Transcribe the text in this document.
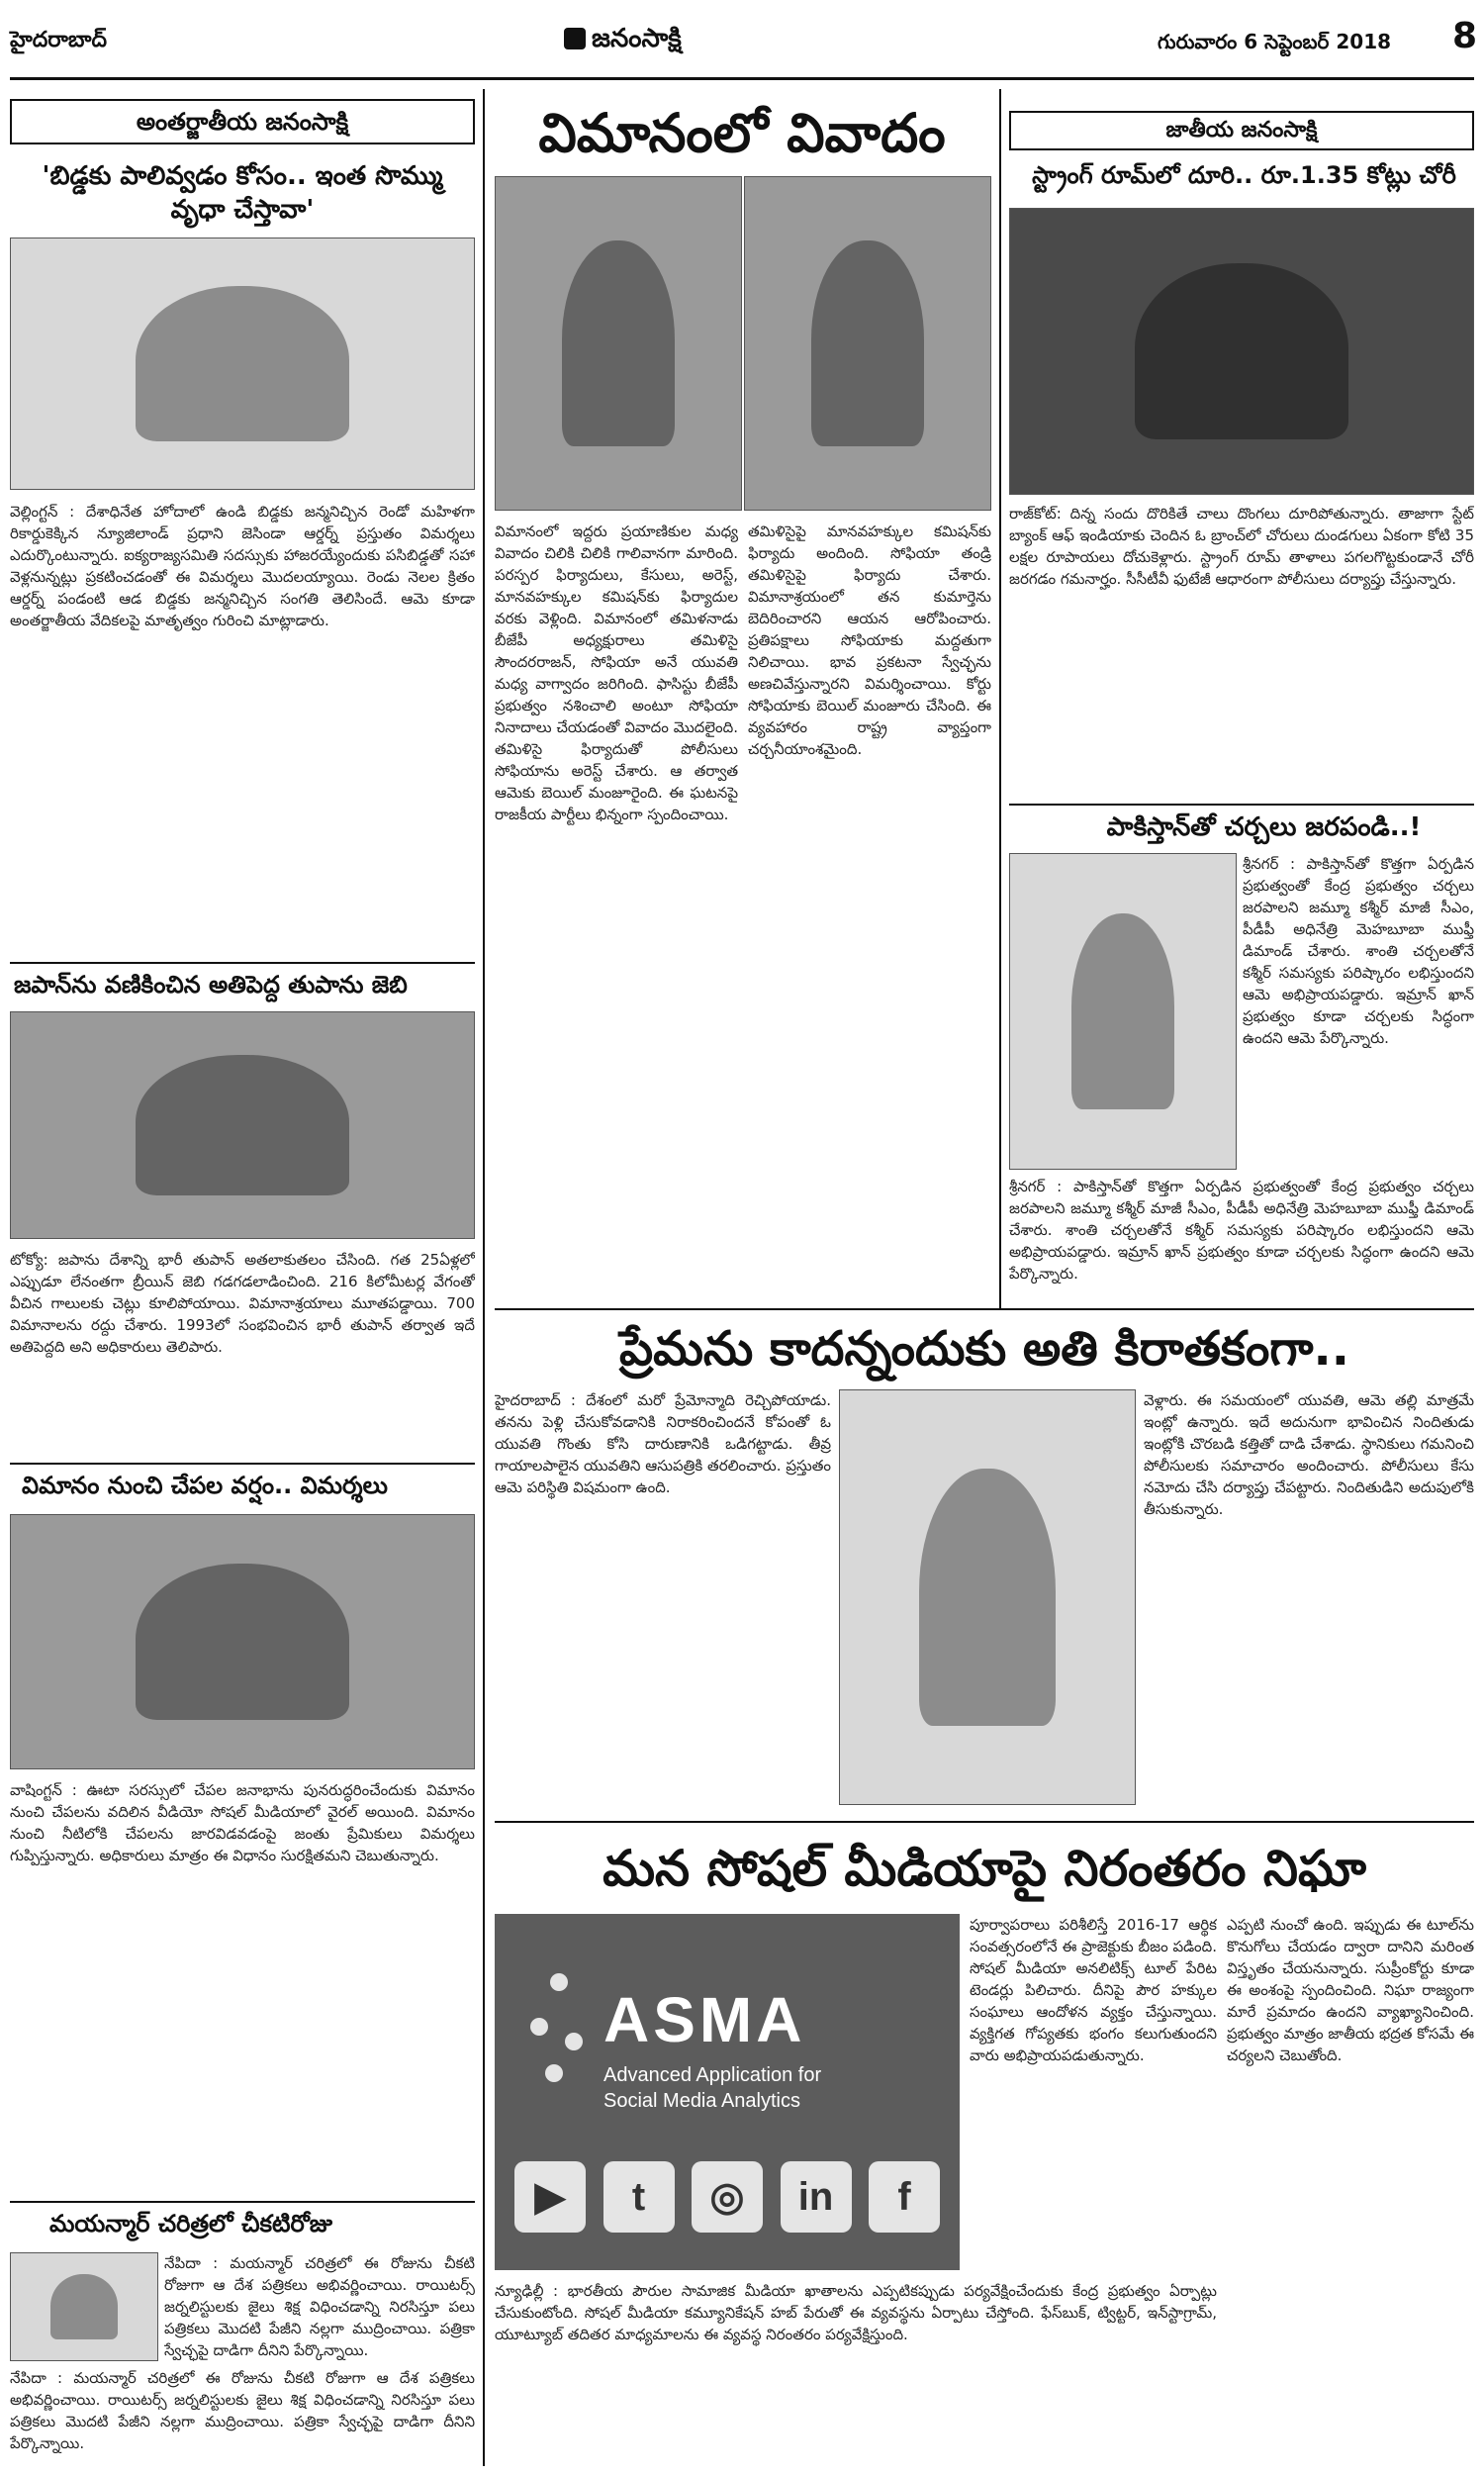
హైదరాబాద్	జనంసాక్షి	గురువారం 6 సెప్టెంబర్ 2018 8
అంతర్జాతీయ జనంసాక్షి
'బిడ్డకు పాలివ్వడం కోసం.. ఇంత సొమ్ము వృధా చేస్తావా'
వెల్లింగ్టన్ : దేశాధినేత హోదాలో ఉండి బిడ్డకు జన్మనిచ్చిన రెండో మహిళగా రికార్డుకెక్కిన న్యూజిలాండ్ ప్రధాని జెసిండా ఆర్డర్న్ ప్రస్తుతం విమర్శలు ఎదుర్కొంటున్నారు. ఐక్యరాజ్యసమితి సదస్సుకు హాజరయ్యేందుకు పసిబిడ్డతో సహా వెళ్లనున్నట్లు ప్రకటించడంతో ఈ విమర్శలు మొదలయ్యాయి. రెండు నెలల క్రితం ఆర్డర్న్ పండంటి ఆడ బిడ్డకు జన్మనిచ్చిన సంగతి తెలిసిందే. ఆమె కూడా అంతర్జాతీయ వేదికలపై మాతృత్వం గురించి మాట్లాడారు.
జపాన్‌ను వణికించిన అతిపెద్ద తుపాను జెబి
టోక్యో: జపాను దేశాన్ని భారీ తుపాన్ అతలాకుతలం చేసింది. గత 25ఏళ్లలో ఎప్పుడూ లేనంతగా బ్రీయిన్ జెబి గడగడలాడించింది. 216 కిలోమీటర్ల వేగంతో వీచిన గాలులకు చెట్లు కూలిపోయాయి. విమానాశ్రయాలు మూతపడ్డాయి. 700 విమానాలను రద్దు చేశారు. 1993లో సంభవించిన భారీ తుపాన్ తర్వాత ఇదే అతిపెద్దది అని అధికారులు తెలిపారు.
విమానం నుంచి చేపల వర్షం.. విమర్శలు
వాషింగ్టన్ : ఊటా సరస్సులో చేపల జనాభాను పునరుద్ధరించేందుకు విమానం నుంచి చేపలను వదిలిన వీడియో సోషల్ మీడియాలో వైరల్ అయింది. విమానం నుంచి నీటిలోకి చేపలను జారవిడవడంపై జంతు ప్రేమికులు విమర్శలు గుప్పిస్తున్నారు. అధికారులు మాత్రం ఈ విధానం సురక్షితమని చెబుతున్నారు.
మయన్మార్ చరిత్రలో చీకటిరోజు
నేపిదా : మయన్మార్ చరిత్రలో ఈ రోజును చీకటి రోజుగా ఆ దేశ పత్రికలు అభివర్ణించాయి. రాయిటర్స్ జర్నలిస్టులకు జైలు శిక్ష విధించడాన్ని నిరసిస్తూ పలు పత్రికలు మొదటి పేజీని నల్లగా ముద్రించాయి. పత్రికా స్వేచ్ఛపై దాడిగా దీనిని పేర్కొన్నాయి.
నేపిదా : మయన్మార్ చరిత్రలో ఈ రోజును చీకటి రోజుగా ఆ దేశ పత్రికలు అభివర్ణించాయి. రాయిటర్స్ జర్నలిస్టులకు జైలు శిక్ష విధించడాన్ని నిరసిస్తూ పలు పత్రికలు మొదటి పేజీని నల్లగా ముద్రించాయి. పత్రికా స్వేచ్ఛపై దాడిగా దీనిని పేర్కొన్నాయి.
విమానంలో వివాదం
విమానంలో ఇద్దరు ప్రయాణికుల మధ్య వివాదం చిలికి చిలికి గాలివానగా మారింది. పరస్పర ఫిర్యాదులు, కేసులు, అరెస్ట్, మానవహక్కుల కమిషన్‌కు ఫిర్యాదుల వరకు వెళ్లింది. విమానంలో తమిళనాడు బీజేపీ అధ్యక్షురాలు తమిళిసై సౌందరరాజన్, సోఫియా అనే యువతి మధ్య వాగ్వాదం జరిగింది. ఫాసిస్టు బీజేపీ ప్రభుత్వం నశించాలి అంటూ సోఫియా నినాదాలు చేయడంతో వివాదం మొదలైంది. తమిళిసై ఫిర్యాదుతో పోలీసులు సోఫియాను అరెస్ట్ చేశారు. ఆ తర్వాత ఆమెకు బెయిల్ మంజూరైంది. ఈ ఘటనపై రాజకీయ పార్టీలు భిన్నంగా స్పందించాయి.
తమిళిసైపై మానవహక్కుల కమిషన్‌కు ఫిర్యాదు అందింది. సోఫియా తండ్రి తమిళిసైపై ఫిర్యాదు చేశారు. విమానాశ్రయంలో తన కుమార్తెను బెదిరించారని ఆయన ఆరోపించారు. ప్రతిపక్షాలు సోఫియాకు మద్దతుగా నిలిచాయి. భావ ప్రకటనా స్వేచ్ఛను అణచివేస్తున్నారని విమర్శించాయి. కోర్టు సోఫియాకు బెయిల్ మంజూరు చేసింది. ఈ వ్యవహారం రాష్ట్ర వ్యాప్తంగా చర్చనీయాంశమైంది.
జాతీయ జనంసాక్షి
స్ట్రాంగ్ రూమ్‌లో దూరి.. రూ.1.35 కోట్లు చోరీ
రాజ్‌కోట్: దిన్న సందు దొరికితే చాలు దొంగలు దూరిపోతున్నారు. తాజాగా స్టేట్ బ్యాంక్ ఆఫ్ ఇండియాకు చెందిన ఓ బ్రాంచ్‌లో చోరులు దుండగులు ఏకంగా కోటి 35 లక్షల రూపాయలు దోచుకెళ్లారు. స్ట్రాంగ్ రూమ్ తాళాలు పగలగొట్టకుండానే చోరీ జరగడం గమనార్హం. సీసీటీవీ ఫుటేజీ ఆధారంగా పోలీసులు దర్యాప్తు చేస్తున్నారు.
పాకిస్తాన్‌తో చర్చలు జరపండి..!
శ్రీనగర్ : పాకిస్తాన్‌తో కొత్తగా ఏర్పడిన ప్రభుత్వంతో కేంద్ర ప్రభుత్వం చర్చలు జరపాలని జమ్మూ కశ్మీర్ మాజీ సీఎం, పీడీపీ అధినేత్రి మెహబూబా ముఫ్తీ డిమాండ్ చేశారు. శాంతి చర్చలతోనే కశ్మీర్ సమస్యకు పరిష్కారం లభిస్తుందని ఆమె అభిప్రాయపడ్డారు. ఇమ్రాన్ ఖాన్ ప్రభుత్వం కూడా చర్చలకు సిద్ధంగా ఉందని ఆమె పేర్కొన్నారు.
శ్రీనగర్ : పాకిస్తాన్‌తో కొత్తగా ఏర్పడిన ప్రభుత్వంతో కేంద్ర ప్రభుత్వం చర్చలు జరపాలని జమ్మూ కశ్మీర్ మాజీ సీఎం, పీడీపీ అధినేత్రి మెహబూబా ముఫ్తీ డిమాండ్ చేశారు. శాంతి చర్చలతోనే కశ్మీర్ సమస్యకు పరిష్కారం లభిస్తుందని ఆమె అభిప్రాయపడ్డారు. ఇమ్రాన్ ఖాన్ ప్రభుత్వం కూడా చర్చలకు సిద్ధంగా ఉందని ఆమె పేర్కొన్నారు.
ప్రేమను కాదన్నందుకు అతి కిరాతకంగా..
హైదరాబాద్ : దేశంలో మరో ప్రేమోన్మాది రెచ్చిపోయాడు. తనను పెళ్లి చేసుకోవడానికి నిరాకరించిందనే కోపంతో ఓ యువతి గొంతు కోసి దారుణానికి ఒడిగట్టాడు. తీవ్ర గాయాలపాలైన యువతిని ఆసుపత్రికి తరలించారు. ప్రస్తుతం ఆమె పరిస్థితి విషమంగా ఉంది.
వెళ్లారు. ఈ సమయంలో యువతి, ఆమె తల్లి మాత్రమే ఇంట్లో ఉన్నారు. ఇదే అదునుగా భావించిన నిందితుడు ఇంట్లోకి చొరబడి కత్తితో దాడి చేశాడు. స్థానికులు గమనించి పోలీసులకు సమాచారం అందించారు. పోలీసులు కేసు నమోదు చేసి దర్యాప్తు చేపట్టారు. నిందితుడిని అదుపులోకి తీసుకున్నారు.
మన సోషల్ మీడియాపై నిరంతరం నిఘా
ASMA
Advanced Application for
Social Media Analytics
▶	t	◎	in	f
పూర్వాపరాలు పరిశీలిస్తే 2016-17 ఆర్థిక సంవత్సరంలోనే ఈ ప్రాజెక్టుకు బీజం పడింది. సోషల్ మీడియా అనలిటిక్స్ టూల్ పేరిట టెండర్లు పిలిచారు. దీనిపై పౌర హక్కుల సంఘాలు ఆందోళన వ్యక్తం చేస్తున్నాయి. వ్యక్తిగత గోప్యతకు భంగం కలుగుతుందని వారు అభిప్రాయపడుతున్నారు.
ఎప్పటి నుంచో ఉంది. ఇప్పుడు ఈ టూల్‌ను కొనుగోలు చేయడం ద్వారా దానిని మరింత విస్తృతం చేయనున్నారు. సుప్రీంకోర్టు కూడా ఈ అంశంపై స్పందించింది. నిఘా రాజ్యంగా మారే ప్రమాదం ఉందని వ్యాఖ్యానించింది. ప్రభుత్వం మాత్రం జాతీయ భద్రత కోసమే ఈ చర్యలని చెబుతోంది.
న్యూఢిల్లీ : భారతీయ పౌరుల సామాజిక మీడియా ఖాతాలను ఎప్పటికప్పుడు పర్యవేక్షించేందుకు కేంద్ర ప్రభుత్వం ఏర్పాట్లు చేసుకుంటోంది. సోషల్ మీడియా కమ్యూనికేషన్ హబ్ పేరుతో ఈ వ్యవస్థను ఏర్పాటు చేస్తోంది. ఫేస్‌బుక్, ట్విట్టర్, ఇన్‌స్టాగ్రామ్, యూట్యూబ్ తదితర మాధ్యమాలను ఈ వ్యవస్థ నిరంతరం పర్యవేక్షిస్తుంది.
